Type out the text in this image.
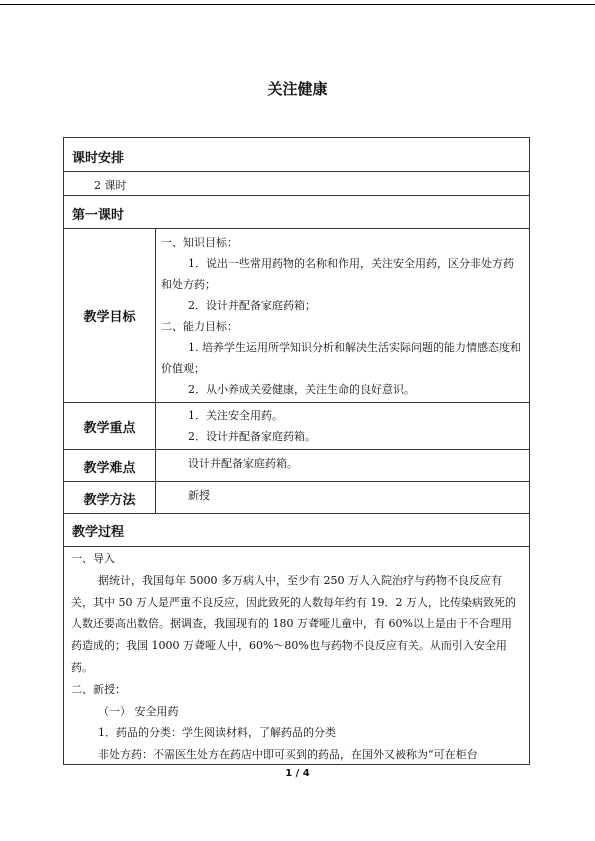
关注健康
课时安排
2 课时
第一课时
教学目标

一、知识目标：

1．说出一些常用药物的名称和作用，关注安全用药，区分非处方药和处方药；

2．设计并配备家庭药箱；

二、能力目标：

1. 培养学生运用所学知识分析和解决生活实际问题的能力情感态度和价值观；

2．从小养成关爱健康，关注生命的良好意识。

教学重点

1．关注安全用药。

2．设计并配备家庭药箱。

教学难点	设计并配备家庭药箱。
教学方法	新授
教学过程

一、导入

据统计，我国每年 5000 多万病人中，至少有 250 万人入院治疗与药物不良反应有关，其中 50 万人是严重不良反应，因此致死的人数每年约有 19．2 万人，比传染病致死的人数还要高出数倍。据调查，我国现有的 180 万聋哑儿童中，有 60%以上是由于不合理用药造成的；我国 1000 万聋哑人中，60%～80%也与药物不良反应有关。从而引入安全用药。

二、新授：

（一） 安全用药

1．药品的分类：学生阅读材料，了解药品的分类

非处方药：不需医生处方在药店中即可买到的药品，在国外又被称为“可在柜台

1 / 4
